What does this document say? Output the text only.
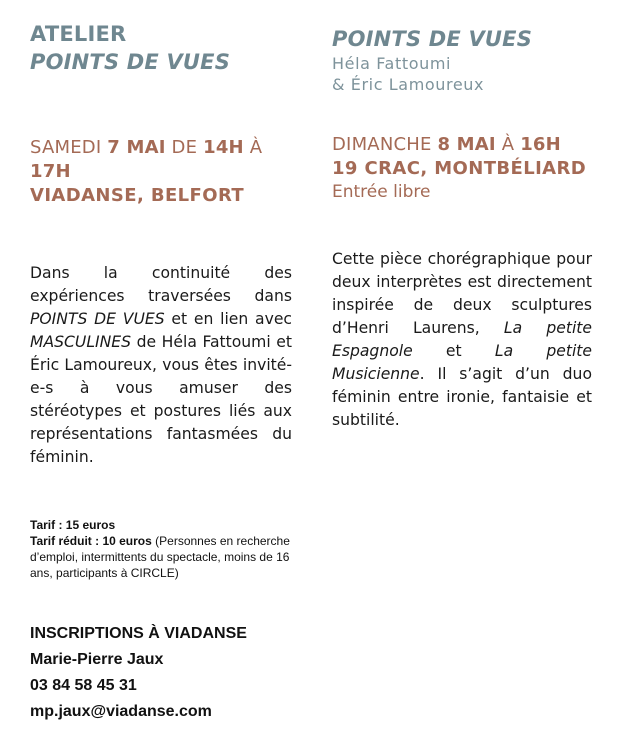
ATELIER
POINTS DE VUES
SAMEDI 7 MAI DE 14H À 17H
VIADANSE, BELFORT
Dans la continuité des expériences traversées dans POINTS DE VUES et en lien avec MASCULINES de Héla Fattoumi et Éric Lamoureux, vous êtes invité-e-s à vous amuser des stéréotypes et postures liés aux représentations fantasmées du féminin.
Tarif : 15 euros
Tarif réduit : 10 euros (Personnes en recherche d’emploi, intermittents du spectacle, moins de 16 ans, participants à CIRCLE)
INSCRIPTIONS À VIADANSE
Marie-Pierre Jaux
03 84 58 45 31
mp.jaux@viadanse.com
POINTS DE VUES
Héla Fattoumi
& Éric Lamoureux
DIMANCHE 8 MAI À 16H
19 CRAC, MONTBÉLIARD
Entrée libre
Cette pièce chorégraphique pour deux interprètes est directement inspirée de deux sculptures d’Henri Laurens, La petite Espagnole et La petite Musicienne. Il s’agit d’un duo féminin entre ironie, fantaisie et subtilité.
